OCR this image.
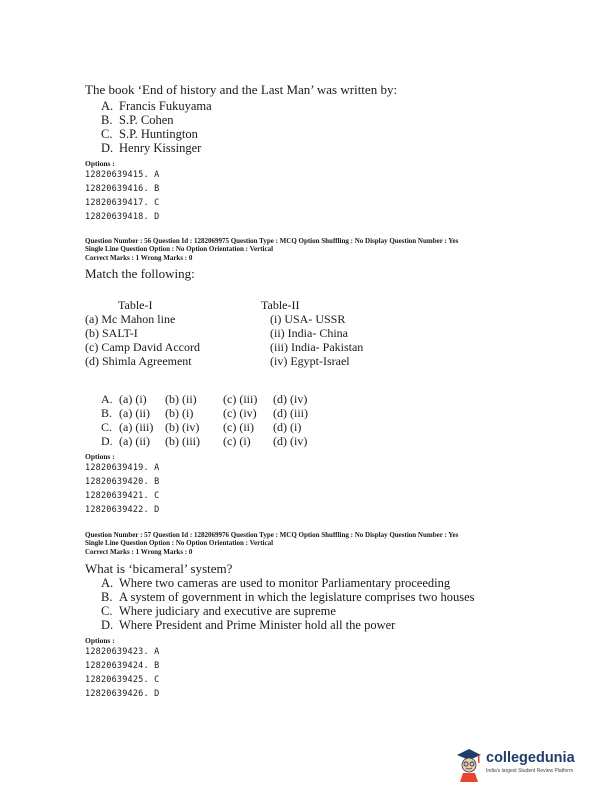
The book ‘End of history and the Last Man’ was written by:
A. Francis Fukuyama
B. S.P. Cohen
C. S.P. Huntington
D. Henry Kissinger
Options :
12820639415. A
12820639416. B
12820639417. C
12820639418. D
Question Number : 56 Question Id : 1282069975 Question Type : MCQ Option Shuffling : No Display Question Number : Yes
Single Line Question Option : No Option Orientation : Vertical
Correct Marks : 1 Wrong Marks : 0
Match the following:
Table-I	Table-II
(a) Mc Mahon line
(b) SALT-I
(c) Camp David Accord
(d) Shimla Agreement
(i) USA- USSR
(ii) India- China
(iii) India- Pakistan
(iv) Egypt-Israel
A. (a) (i) (b) (ii) (c) (iii) (d) (iv)
B. (a) (ii) (b) (i) (c) (iv) (d) (iii)
C. (a) (iii) (b) (iv) (c) (ii) (d) (i)
D. (a) (ii) (b) (iii) (c) (i) (d) (iv)
Options :
12820639419. A
12820639420. B
12820639421. C
12820639422. D
Question Number : 57 Question Id : 1282069976 Question Type : MCQ Option Shuffling : No Display Question Number : Yes
Single Line Question Option : No Option Orientation : Vertical
Correct Marks : 1 Wrong Marks : 0
What is ‘bicameral’ system?
A. Where two cameras are used to monitor Parliamentary proceeding
B. A system of government in which the legislature comprises two houses
C. Where judiciary and executive are supreme
D. Where President and Prime Minister hold all the power
Options :
12820639423. A
12820639424. B
12820639425. C
12820639426. D
collegedunia
India's largest Student Review Platform
